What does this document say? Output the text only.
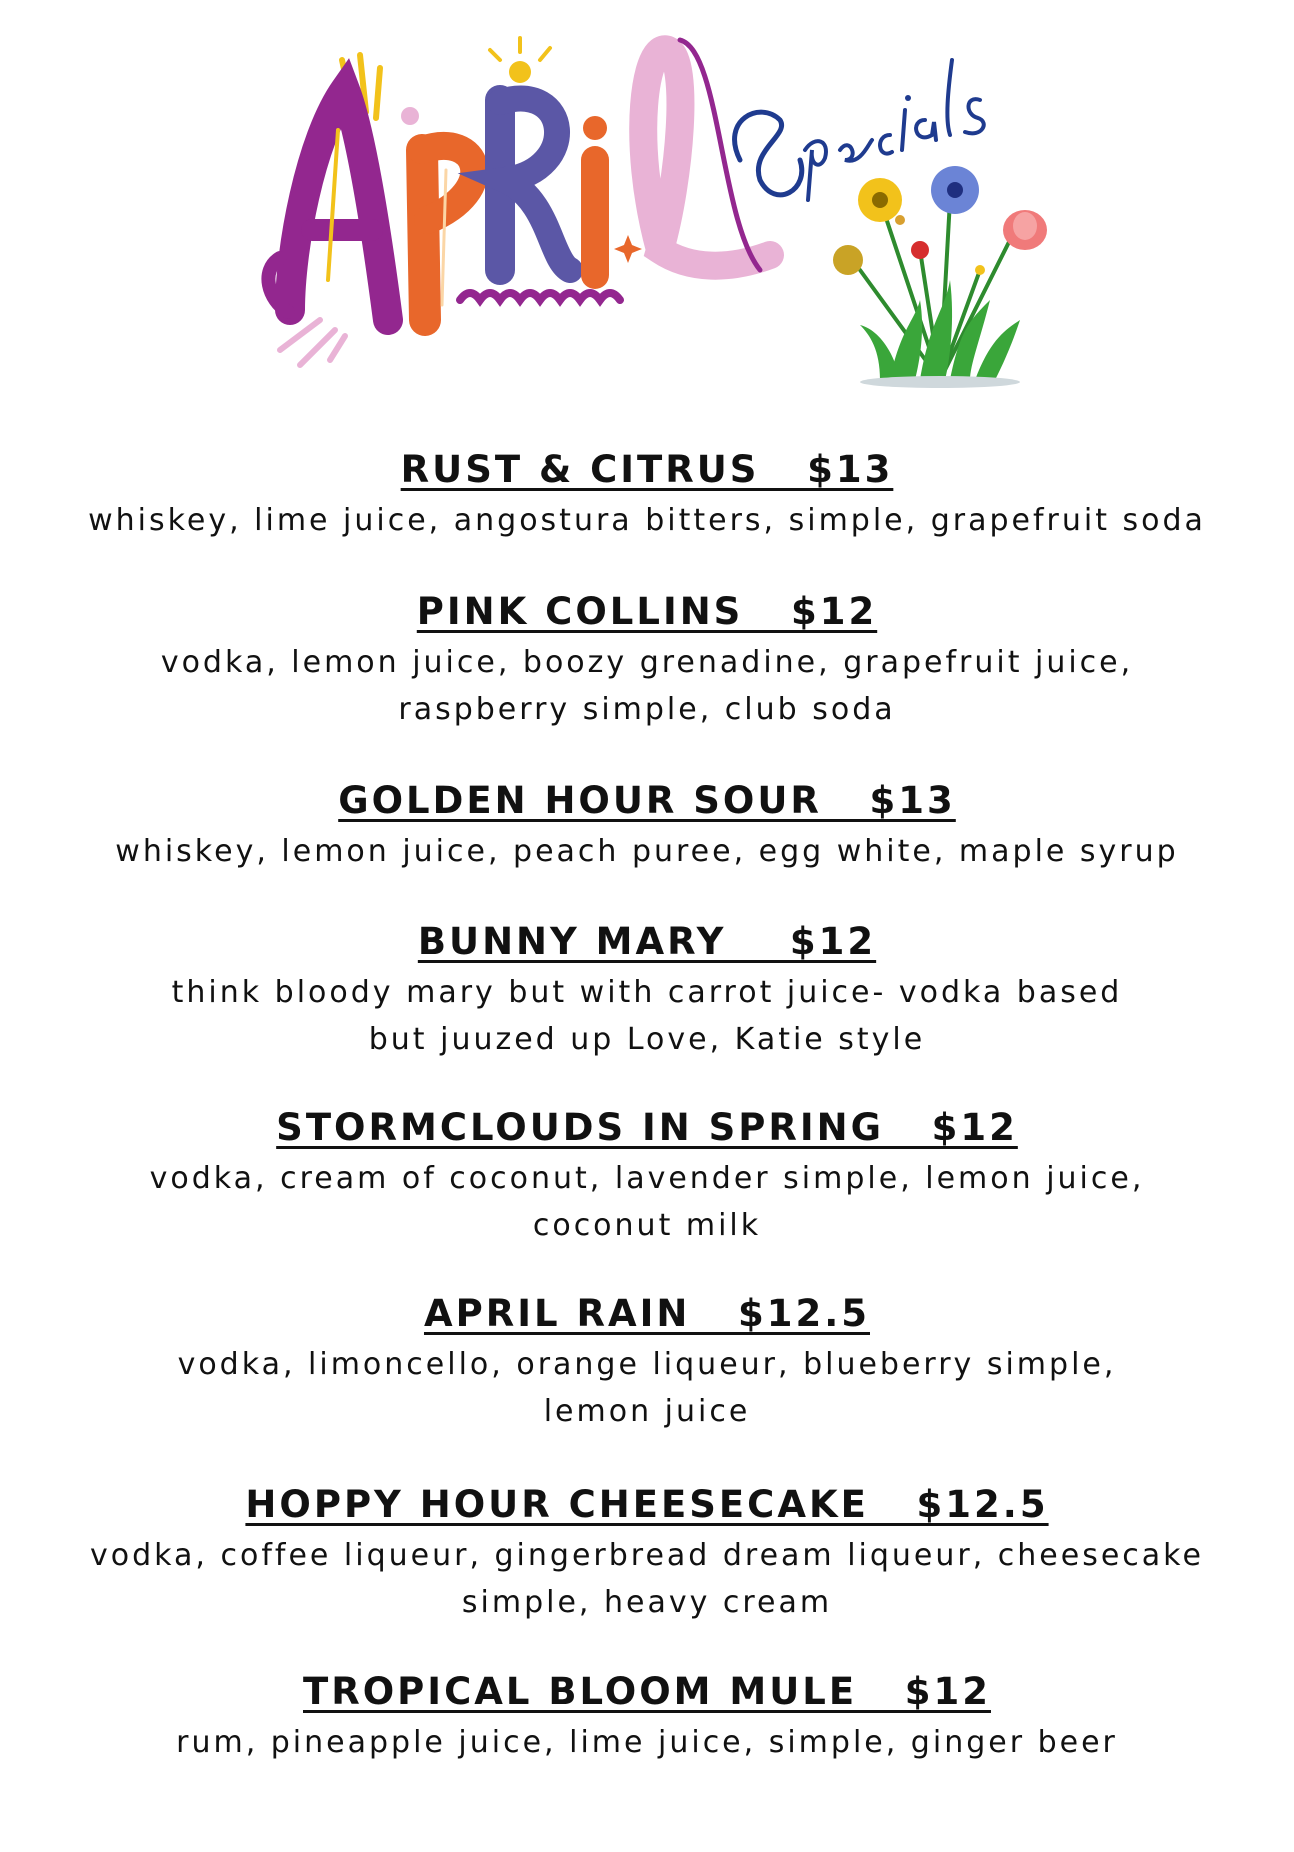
RUST & CITRUS   $13
whiskey, lime juice, angostura bitters, simple, grapefruit soda
PINK COLLINS   $12
vodka, lemon juice, boozy grenadine, grapefruit juice,
raspberry simple, club soda
GOLDEN HOUR SOUR   $13
whiskey, lemon juice, peach puree, egg white, maple syrup
BUNNY MARY    $12
think bloody mary but with carrot juice- vodka based
but juuzed up Love, Katie style
STORMCLOUDS IN SPRING   $12
vodka, cream of coconut, lavender simple, lemon juice,
coconut milk
APRIL RAIN   $12.5
vodka, limoncello, orange liqueur, blueberry simple,
lemon juice
HOPPY HOUR CHEESECAKE   $12.5
vodka, coffee liqueur, gingerbread dream liqueur, cheesecake
simple, heavy cream
TROPICAL BLOOM MULE   $12
rum, pineapple juice, lime juice, simple, ginger beer
